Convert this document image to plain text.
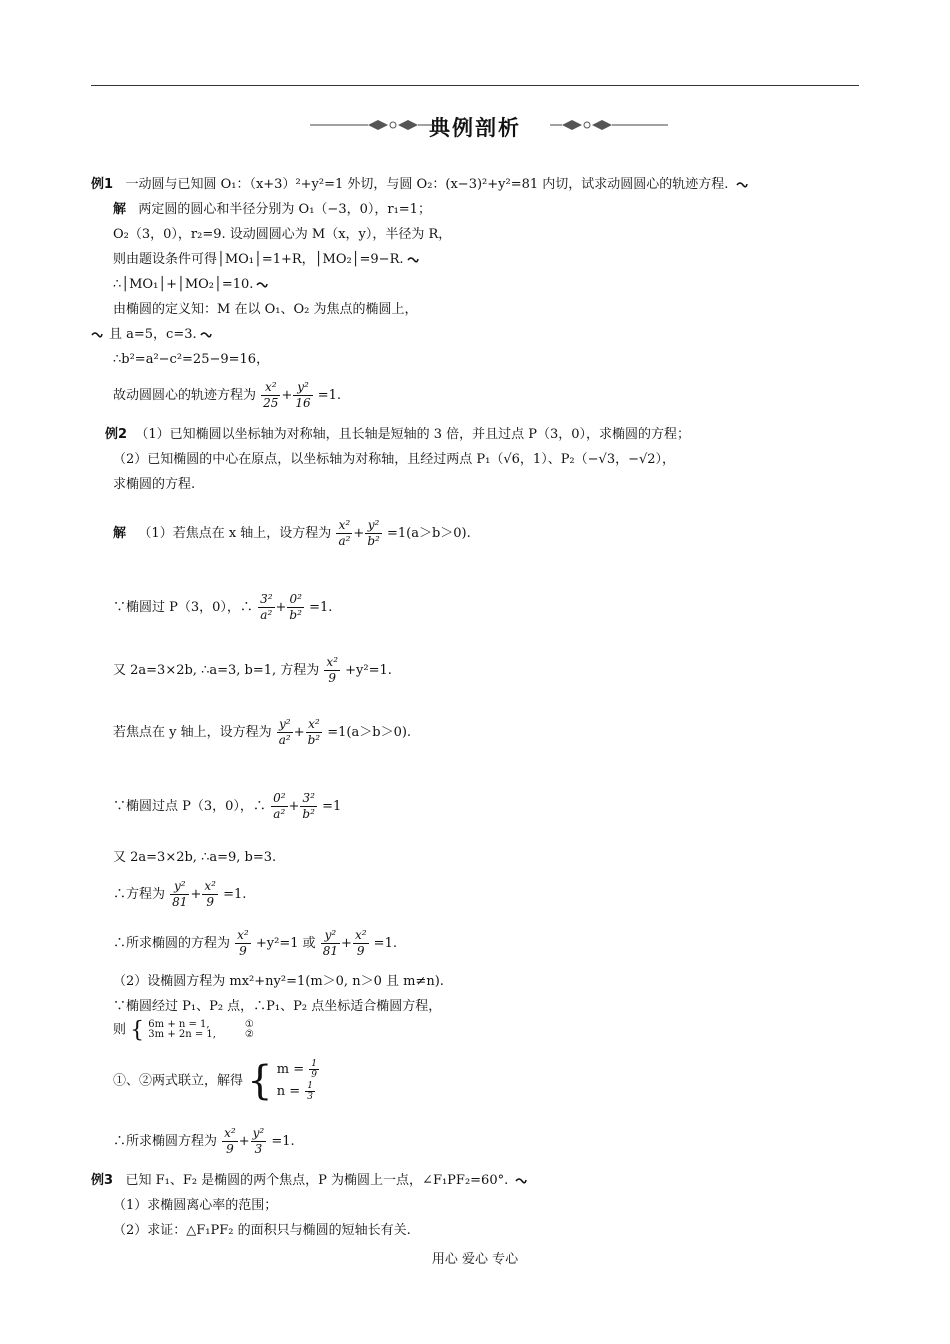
典例剖析
例1 一动圆与已知圆 O₁：（x+3）²+y²=1 外切，与圆 O₂：(x−3)²+y²=81 内切，试求动圆圆心的轨迹方程.
解 两定圆的圆心和半径分别为 O₁（−3，0），r₁=1；
O₂（3，0），r₂=9. 设动圆圆心为 M（x，y），半径为 R，
则由题设条件可得│MO₁│=1+R，│MO₂│=9−R.
∴│MO₁│+│MO₂│=10.
由椭圆的定义知：M 在以 O₁、O₂ 为焦点的椭圆上，
且 a=5，c=3.
∴b²=a²−c²=25−9=16，
故动圆圆心的轨迹方程为 $\frac{\text{x²}}{25} + \frac{\text{y²}}{16} =1$.
例2 （1）已知椭圆以坐标轴为对称轴，且长轴是短轴的 3 倍，并且过点 P（3，0），求椭圆的方程；
（2）已知椭圆的中心在原点，以坐标轴为对称轴，且经过两点 P₁（√6，1）、P₂（−√3，−√2），
求椭圆的方程.
解 （1）若焦点在 x 轴上，设方程为 $\frac{\text{x²}}{\text{a²}} + \frac{\text{y²}}{\text{b²}} =1(a>b>0)$.
∵椭圆过 P（3，0），∴ $\frac{\text{3²}}{\text{a²}} + \frac{\text{0²}}{\text{b²}} =1$.
又 2a=3×2b, ∴a=3, b=1, 方程为 $\frac{\text{x²}}{9} +y^2=1$.
若焦点在 y 轴上，设方程为 $\frac{\text{y²}}{\text{a²}} + \frac{\text{x²}}{\text{b²}} =1(a>b>0)$.
∵椭圆过点 P（3，0），∴ $\frac{\text{0²}}{\text{a²}} + \frac{\text{3²}}{\text{b²}} =1$
又 2a=3×2b, ∴a=9, b=3.
∴方程为 $\frac{\text{y²}}{81} + \frac{\text{x²}}{9} =1$.
∴所求椭圆的方程为 $\frac{\text{x²}}{9} +y^2=1$ 或 $\frac{\text{y²}}{81} + \frac{\text{x²}}{9} =1$.
（2）设椭圆方程为 mx²+ny²=1(m＞0, n＞0 且 m≠n).
∵椭圆经过 P₁、P₂ 点，∴P₁、P₂ 点坐标适合椭圆方程，
则 { 6m + n = 1,
3m + 2n = 1,       ①
②
①、②两式联立，解得 { $m = \frac{1}{9}$

$n = \frac{1}{3}$
∴所求椭圆方程为 $\frac{\text{x²}}{9} + \frac{\text{y²}}{3} =1$.
例3 已知 F₁、F₂ 是椭圆的两个焦点，P 为椭圆上一点，∠F₁PF₂=60°.
（1）求椭圆离心率的范围；
（2）求证：△F₁PF₂ 的面积只与椭圆的短轴长有关.
用心 爱心 专心
